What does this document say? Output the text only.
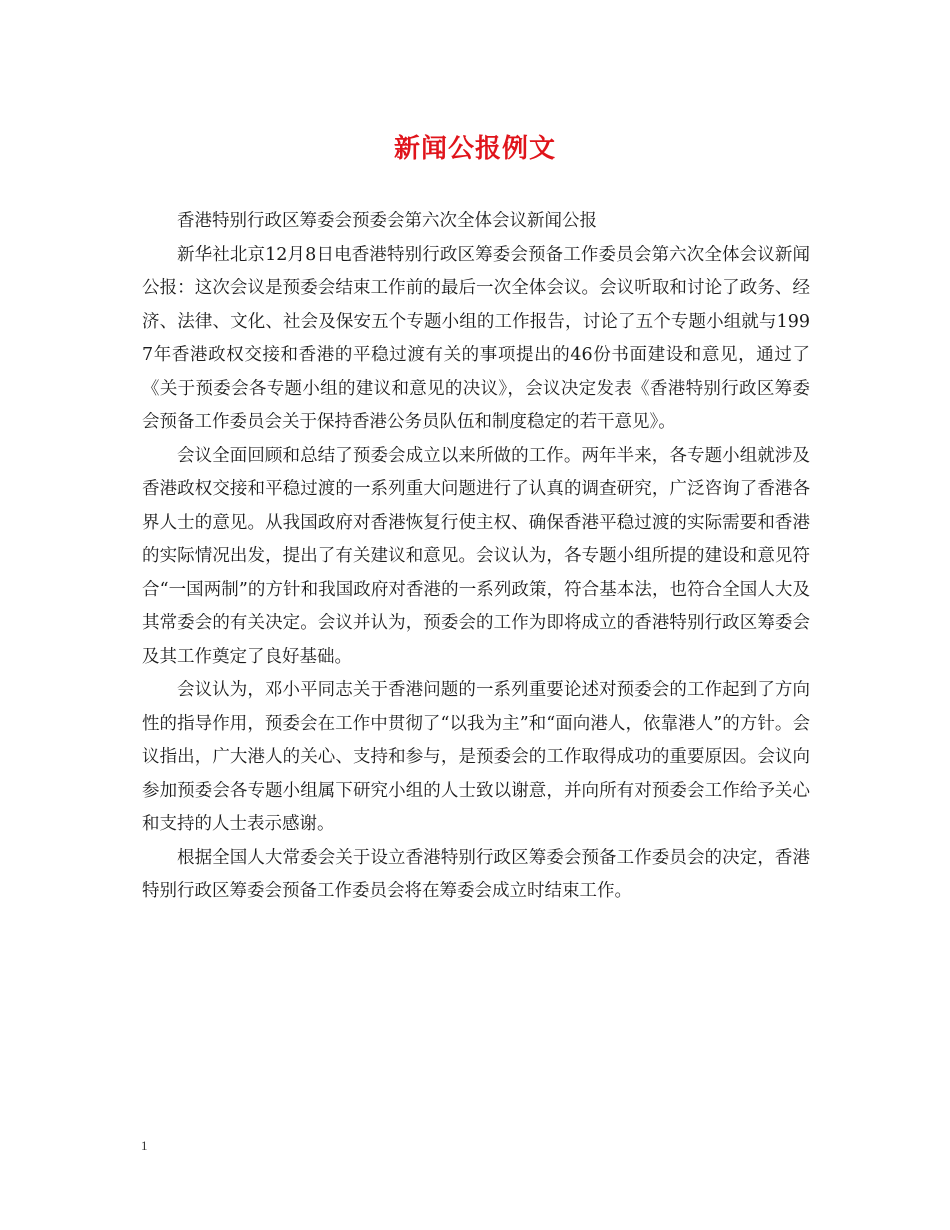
新闻公报例文

香港特别行政区筹委会预委会第六次全体会议新闻公报

新华社北京12月8日电香港特别行政区筹委会预备工作委员会第六次全体会议新闻公报：这次会议是预委会结束工作前的最后一次全体会议。会议听取和讨论了政务、经济、法律、文化、社会及保安五个专题小组的工作报告，讨论了五个专题小组就与1997年香港政权交接和香港的平稳过渡有关的事项提出的46份书面建设和意见，通过了《关于预委会各专题小组的建议和意见的决议》，会议决定发表《香港特别行政区筹委会预备工作委员会关于保持香港公务员队伍和制度稳定的若干意见》。

会议全面回顾和总结了预委会成立以来所做的工作。两年半来，各专题小组就涉及香港政权交接和平稳过渡的一系列重大问题进行了认真的调查研究，广泛咨询了香港各界人士的意见。从我国政府对香港恢复行使主权、确保香港平稳过渡的实际需要和香港的实际情况出发，提出了有关建议和意见。会议认为，各专题小组所提的建设和意见符合“一国两制”的方针和我国政府对香港的一系列政策，符合基本法，也符合全国人大及其常委会的有关决定。会议并认为，预委会的工作为即将成立的香港特别行政区筹委会及其工作奠定了良好基础。

会议认为，邓小平同志关于香港问题的一系列重要论述对预委会的工作起到了方向性的指导作用，预委会在工作中贯彻了“以我为主”和“面向港人，依靠港人”的方针。会议指出，广大港人的关心、支持和参与，是预委会的工作取得成功的重要原因。会议向参加预委会各专题小组属下研究小组的人士致以谢意，并向所有对预委会工作给予关心和支持的人士表示感谢。

根据全国人大常委会关于设立香港特别行政区筹委会预备工作委员会的决定，香港特别行政区筹委会预备工作委员会将在筹委会成立时结束工作。

1
